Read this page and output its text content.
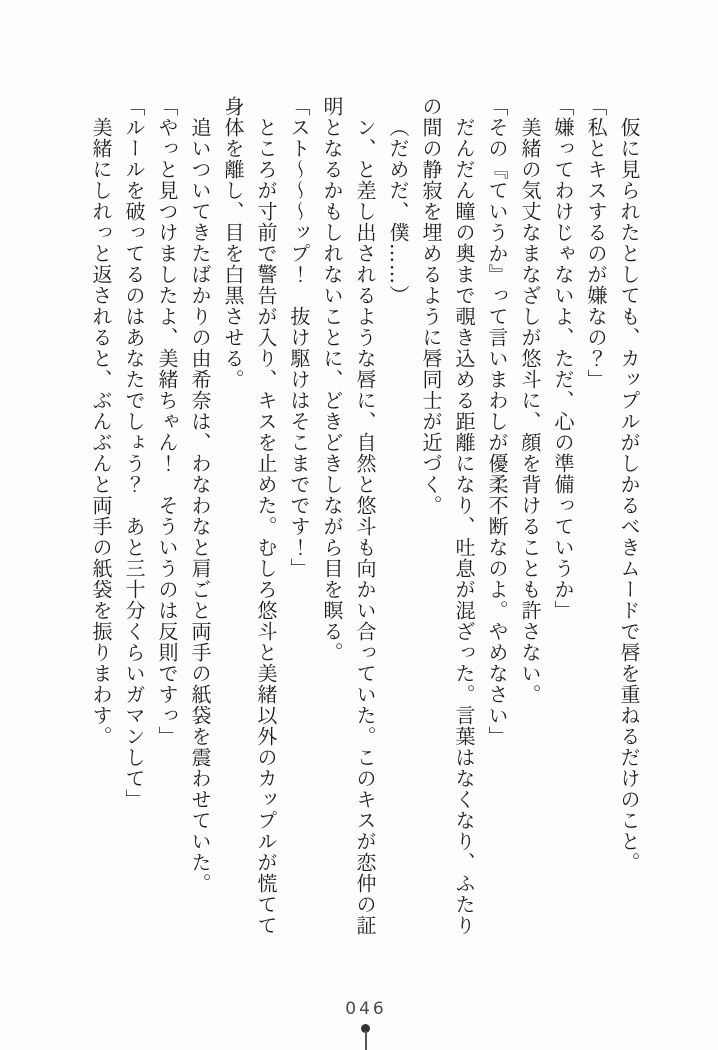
仮に見られたとしても、カップルがしかるべきムードで唇を重ねるだけのこと。

「私とキスするのが嫌なの？」

「嫌ってわけじゃないよ、ただ、心の準備っていうか」

美緒の気丈なまなざしが悠斗に、顔を背けることも許さない。

「その『ていうか』って言いまわしが優柔不断なのよ。やめなさい」

だんだん瞳の奥まで覗き込める距離になり、吐息が混ざった。言葉はなくなり、ふたり

の間の静寂を埋めるように唇同士が近づく。

（だめだ、僕……）

ン、と差し出されるような唇に、自然と悠斗も向かい合っていた。このキスが恋仲の証

明となるかもしれないことに、どきどきしながら目を瞑る。

「スト〜〜〜ップ！　抜け駆けはそこまでです！」

ところが寸前で警告が入り、キスを止めた。むしろ悠斗と美緒以外のカップルが慌てて

身体を離し、目を白黒させる。

追いついてきたばかりの由希奈は、わなわなと肩ごと両手の紙袋を震わせていた。

「やっと見つけましたよ、美緒ちゃん！　そういうのは反則ですっ」

「ルールを破ってるのはあなたでしょう？　あと三十分くらいガマンして」

美緒にしれっと返されると、ぶんぶんと両手の紙袋を振りまわす。

046
